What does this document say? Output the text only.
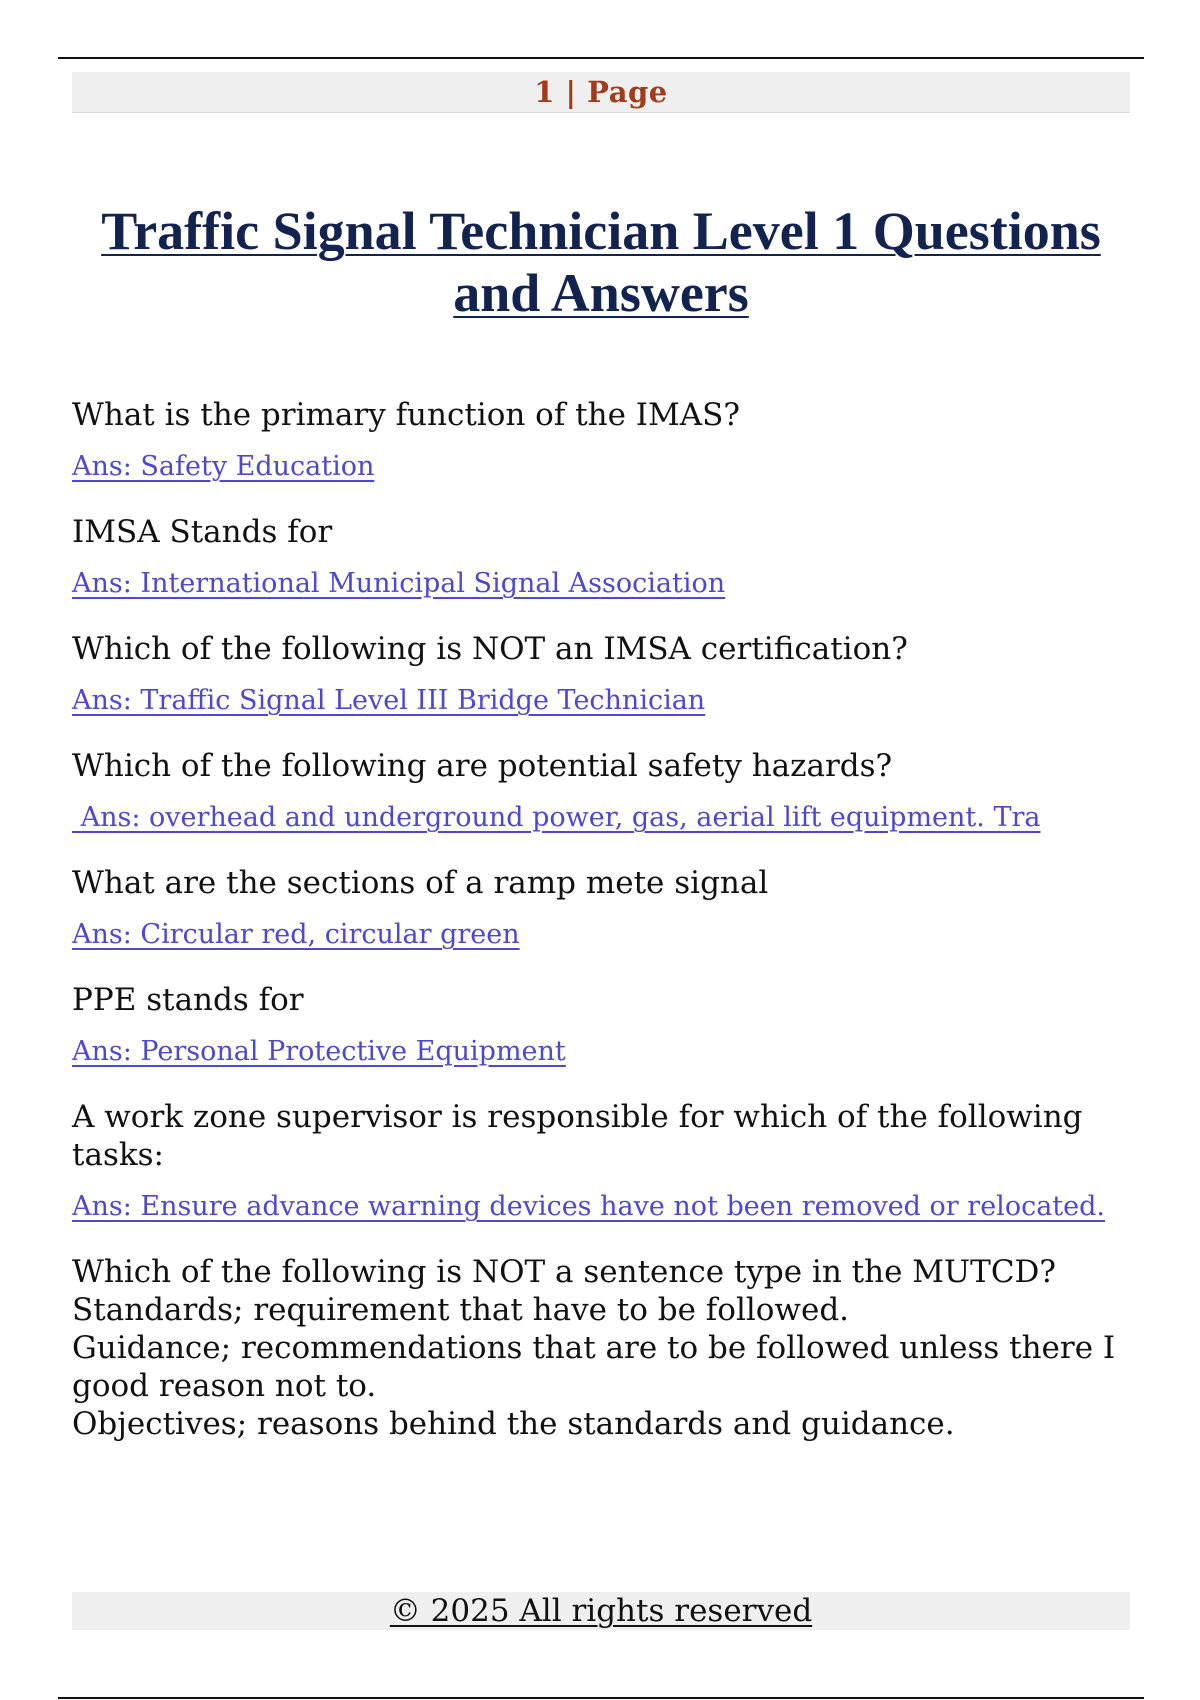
1 | Page
Traffic Signal Technician Level 1 Questions and Answers

What is the primary function of the IMAS?

Ans: Safety Education

IMSA Stands for

Ans: International Municipal Signal Association

Which of the following is NOT an IMSA certification?

Ans: Traffic Signal Level III Bridge Technician

Which of the following are potential safety hazards?

Ans: overhead and underground power, gas, aerial lift equipment. Tra

What are the sections of a ramp mete signal

Ans: Circular red, circular green

PPE stands for

Ans: Personal Protective Equipment

A work zone supervisor is responsible for which of the following tasks:

Ans: Ensure advance warning devices have not been removed or relocated.

Which of the following is NOT a sentence type in the MUTCD?
Standards; requirement that have to be followed.
Guidance; recommendations that are to be followed unless there I good reason not to.
Objectives; reasons behind the standards and guidance.

© 2025 All rights reserved
